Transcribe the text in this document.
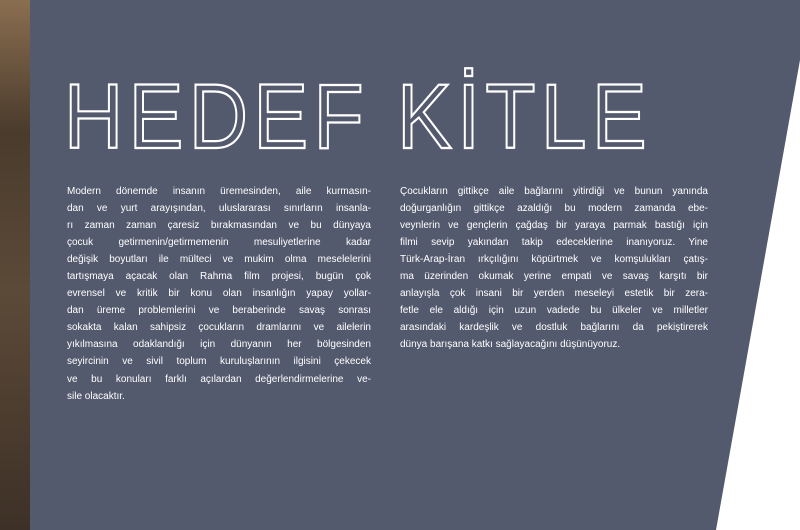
HEDEF KİTLE
Modern dönemde insanın üremesinden, aile kurmasın-
dan ve yurt arayışından, uluslararası sınırların insanla-
rı zaman zaman çaresiz bırakmasından ve bu dünyaya
çocuk getirmenin/getirmemenin mesuliyetlerine kadar
değişik boyutları ile mülteci ve mukim olma meselelerini
tartışmaya açacak olan Rahma film projesi, bugün çok
evrensel ve kritik bir konu olan insanlığın yapay yollar-
dan üreme problemlerini ve beraberinde savaş sonrası
sokakta kalan sahipsiz çocukların dramlarını ve ailelerin
yıkılmasına odaklandığı için dünyanın her bölgesinden
seyircinin ve sivil toplum kuruluşlarının ilgisini çekecek
ve bu konuları farklı açılardan değerlendirmelerine ve-
sile olacaktır.
Çocukların gittikçe aile bağlarını yitirdiği ve bunun yanında
doğurganlığın gittikçe azaldığı bu modern zamanda ebe-
veynlerin ve gençlerin çağdaş bir yaraya parmak bastığı için
filmi sevip yakından takip edeceklerine inanıyoruz. Yine
Türk-Arap-İran ırkçılığını köpürtmek ve komşulukları çatış-
ma üzerinden okumak yerine empati ve savaş karşıtı bir
anlayışla çok insani bir yerden meseleyi estetik bir zera-
fetle ele aldığı için uzun vadede bu ülkeler ve milletler
arasındaki kardeşlik ve dostluk bağlarını da pekiştirerek
dünya barışana katkı sağlayacağını düşünüyoruz.
